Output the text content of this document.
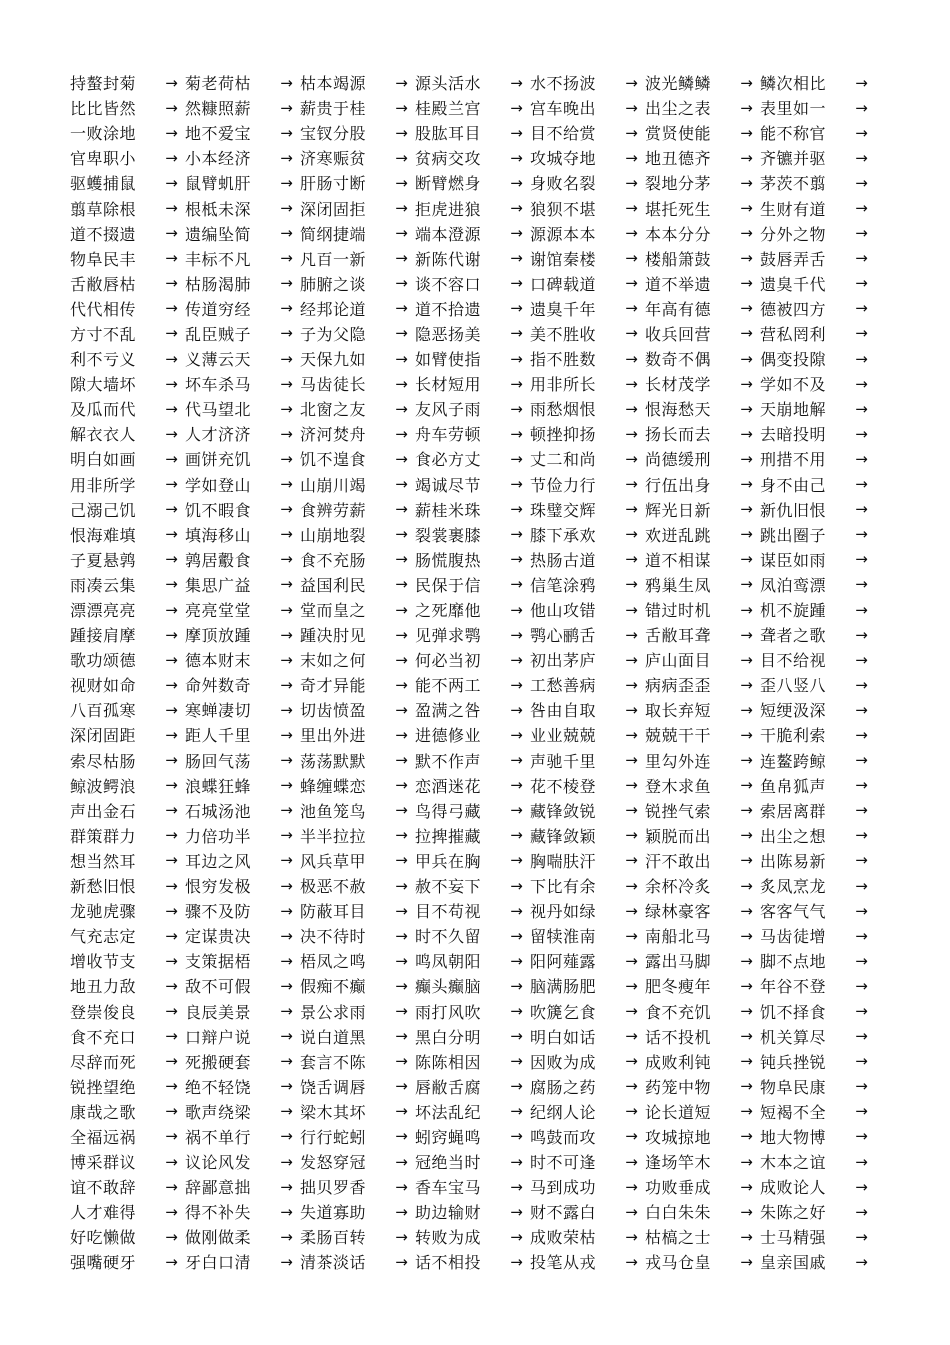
持螯封菊	→ 菊老荷枯	→ 枯本竭源	→ 源头活水	→ 水不扬波	→ 波光鳞鳞	→ 鳞次相比	→
比比皆然	→ 然糠照薪	→ 薪贵于桂	→ 桂殿兰宫	→ 宫车晚出	→ 出尘之表	→ 表里如一	→
一败涂地	→ 地不爱宝	→ 宝钗分股	→ 股肱耳目	→ 目不给赏	→ 赏贤使能	→ 能不称官	→
官卑职小	→ 小本经济	→ 济寒赈贫	→ 贫病交攻	→ 攻城夺地	→ 地丑德齐	→ 齐镳并驱	→
驱蠖捕鼠	→ 鼠臂虮肝	→ 肝肠寸断	→ 断臂燃身	→ 身败名裂	→ 裂地分茅	→ 茅茨不翦	→
翦草除根	→ 根柢未深	→ 深闭固拒	→ 拒虎进狼	→ 狼狈不堪	→ 堪托死生	→ 生财有道	→
道不掇遗	→ 遗编坠简	→ 简纲捷端	→ 端本澄源	→ 源源本本	→ 本本分分	→ 分外之物	→
物阜民丰	→ 丰标不凡	→ 凡百一新	→ 新陈代谢	→ 谢馆秦楼	→ 楼船箫鼓	→ 鼓唇弄舌	→
舌敝唇枯	→ 枯肠渴肺	→ 肺腑之谈	→ 谈不容口	→ 口碑载道	→ 道不举遗	→ 遗臭千代	→
代代相传	→ 传道穷经	→ 经邦论道	→ 道不拾遗	→ 遗臭千年	→ 年高有德	→ 德被四方	→
方寸不乱	→ 乱臣贼子	→ 子为父隐	→ 隐恶扬美	→ 美不胜收	→ 收兵回营	→ 营私罔利	→
利不亏义	→ 义薄云天	→ 天保九如	→ 如臂使指	→ 指不胜数	→ 数奇不偶	→ 偶变投隙	→
隙大墙坏	→ 坏车杀马	→ 马齿徒长	→ 长材短用	→ 用非所长	→ 长材茂学	→ 学如不及	→
及瓜而代	→ 代马望北	→ 北窗之友	→ 友风子雨	→ 雨愁烟恨	→ 恨海愁天	→ 天崩地解	→
解衣衣人	→ 人才济济	→ 济河焚舟	→ 舟车劳顿	→ 顿挫抑扬	→ 扬长而去	→ 去暗投明	→
明白如画	→ 画饼充饥	→ 饥不遑食	→ 食必方丈	→ 丈二和尚	→ 尚德缓刑	→ 刑措不用	→
用非所学	→ 学如登山	→ 山崩川竭	→ 竭诚尽节	→ 节俭力行	→ 行伍出身	→ 身不由己	→
己溺己饥	→ 饥不暇食	→ 食辨劳薪	→ 薪桂米珠	→ 珠璧交辉	→ 辉光日新	→ 新仇旧恨	→
恨海难填	→ 填海移山	→ 山崩地裂	→ 裂裳裹膝	→ 膝下承欢	→ 欢迸乱跳	→ 跳出圈子	→
子夏悬鹑	→ 鹑居鷇食	→ 食不充肠	→ 肠慌腹热	→ 热肠古道	→ 道不相谋	→ 谋臣如雨	→
雨凑云集	→ 集思广益	→ 益国利民	→ 民保于信	→ 信笔涂鸦	→ 鸦巢生凤	→ 凤泊鸾漂	→
漂漂亮亮	→ 亮亮堂堂	→ 堂而皇之	→ 之死靡他	→ 他山攻错	→ 错过时机	→ 机不旋踵	→
踵接肩摩	→ 摩顶放踵	→ 踵决肘见	→ 见弹求鹗	→ 鹗心鹂舌	→ 舌敝耳聋	→ 聋者之歌	→
歌功颂德	→ 德本财末	→ 末如之何	→ 何必当初	→ 初出茅庐	→ 庐山面目	→ 目不给视	→
视财如命	→ 命舛数奇	→ 奇才异能	→ 能不两工	→ 工愁善病	→ 病病歪歪	→ 歪八竖八	→
八百孤寒	→ 寒蝉凄切	→ 切齿愤盈	→ 盈满之咎	→ 咎由自取	→ 取长弃短	→ 短绠汲深	→
深闭固距	→ 距人千里	→ 里出外进	→ 进德修业	→ 业业兢兢	→ 兢兢干干	→ 干脆利索	→
索尽枯肠	→ 肠回气荡	→ 荡荡默默	→ 默不作声	→ 声驰千里	→ 里勾外连	→ 连鳌跨鲸	→
鲸波鳄浪	→ 浪蝶狂蜂	→ 蜂缠蝶恋	→ 恋酒迷花	→ 花不棱登	→ 登木求鱼	→ 鱼帛狐声	→
声出金石	→ 石城汤池	→ 池鱼笼鸟	→ 鸟得弓藏	→ 藏锋敛锐	→ 锐挫气索	→ 索居离群	→
群策群力	→ 力倍功半	→ 半半拉拉	→ 拉捭摧藏	→ 藏锋敛颖	→ 颖脱而出	→ 出尘之想	→
想当然耳	→ 耳边之风	→ 风兵草甲	→ 甲兵在胸	→ 胸喘肤汗	→ 汗不敢出	→ 出陈易新	→
新愁旧恨	→ 恨穷发极	→ 极恶不赦	→ 赦不妄下	→ 下比有余	→ 余杯冷炙	→ 炙凤烹龙	→
龙驰虎骤	→ 骤不及防	→ 防蔽耳目	→ 目不苟视	→ 视丹如绿	→ 绿林豪客	→ 客客气气	→
气充志定	→ 定谋贵决	→ 决不待时	→ 时不久留	→ 留犊淮南	→ 南船北马	→ 马齿徒增	→
增收节支	→ 支策据梧	→ 梧凤之鸣	→ 鸣凤朝阳	→ 阳阿薤露	→ 露出马脚	→ 脚不点地	→
地丑力敌	→ 敌不可假	→ 假痴不癫	→ 癫头癫脑	→ 脑满肠肥	→ 肥冬瘦年	→ 年谷不登	→
登崇俊良	→ 良辰美景	→ 景公求雨	→ 雨打风吹	→ 吹篪乞食	→ 食不充饥	→ 饥不择食	→
食不充口	→ 口辩户说	→ 说白道黑	→ 黑白分明	→ 明白如话	→ 话不投机	→ 机关算尽	→
尽辞而死	→ 死搬硬套	→ 套言不陈	→ 陈陈相因	→ 因败为成	→ 成败利钝	→ 钝兵挫锐	→
锐挫望绝	→ 绝不轻饶	→ 饶舌调唇	→ 唇敝舌腐	→ 腐肠之药	→ 药笼中物	→ 物阜民康	→
康哉之歌	→ 歌声绕梁	→ 梁木其坏	→ 坏法乱纪	→ 纪纲人论	→ 论长道短	→ 短褐不全	→
全福远祸	→ 祸不单行	→ 行行蛇蚓	→ 蚓窍蝇鸣	→ 鸣鼓而攻	→ 攻城掠地	→ 地大物博	→
博采群议	→ 议论风发	→ 发怒穿冠	→ 冠绝当时	→ 时不可逢	→ 逢场竿木	→ 木本之谊	→
谊不敢辞	→ 辞鄙意拙	→ 拙贝罗香	→ 香车宝马	→ 马到成功	→ 功败垂成	→ 成败论人	→
人才难得	→ 得不补失	→ 失道寡助	→ 助边输财	→ 财不露白	→ 白白朱朱	→ 朱陈之好	→
好吃懒做	→ 做刚做柔	→ 柔肠百转	→ 转败为成	→ 成败荣枯	→ 枯槁之士	→ 士马精强	→
强嘴硬牙	→ 牙白口清	→ 清茶淡话	→ 话不相投	→ 投笔从戎	→ 戎马仓皇	→ 皇亲国戚	→
